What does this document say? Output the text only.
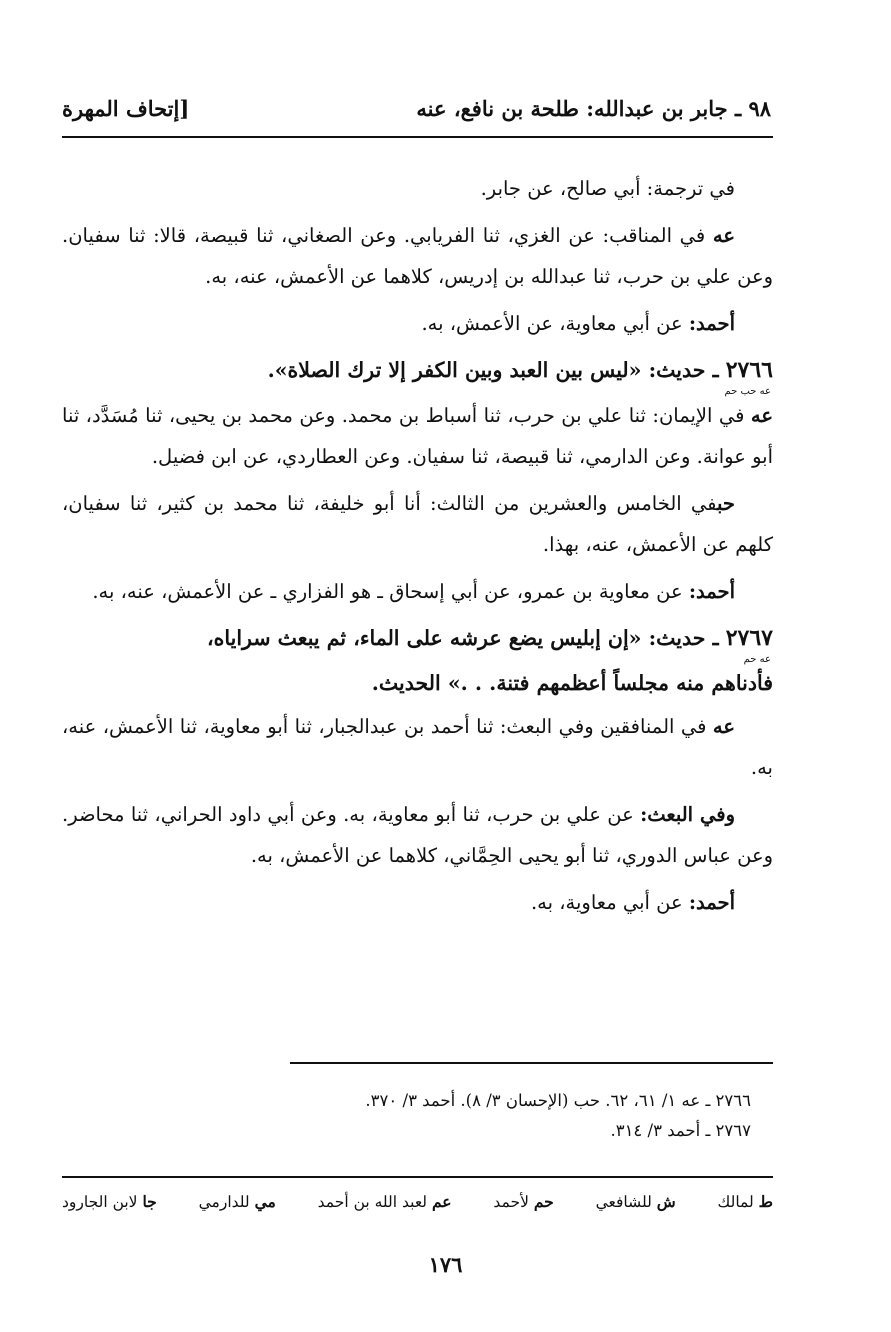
٩٨ ـ جابر بن عبدالله: طلحة بن نافع، عنه
[إتحاف المهرة

في ترجمة: أبي صالح، عن جابر.

عه في المناقب: عن الغزي، ثنا الفريابي. وعن الصغاني، ثنا قبيصة، قالا: ثنا سفيان. وعن علي بن حرب، ثنا عبدالله بن إدريس، كلاهما عن الأعمش، عنه، به.

أحمد: عن أبي معاوية، عن الأعمش، به.

٢٧٦٦ ـ حديث: «ليس بين العبد وبين الكفر إلا ترك الصلاة».

عه حب حم

عه في الإيمان: ثنا علي بن حرب، ثنا أسباط بن محمد. وعن محمد بن يحيى، ثنا مُسَدَّد، ثنا أبو عوانة. وعن الدارمي، ثنا قبيصة، ثنا سفيان. وعن العطاردي، عن ابن فضيل.

حبفي الخامس والعشرين من الثالث: أنا أبو خليفة، ثنا محمد بن كثير، ثنا سفيان، كلهم عن الأعمش، عنه، بهذا.

أحمد: عن معاوية بن عمرو، عن أبي إسحاق ـ هو الفزاري ـ عن الأعمش، عنه، به.

٢٧٦٧ ـ حديث: «إن إبليس يضع عرشه على الماء، ثم يبعث سراياه،

عه حم

فأدناهم منه مجلساً أعظمهم فتنة. . .» الحديث.

عه في المنافقين وفي البعث: ثنا أحمد بن عبدالجبار، ثنا أبو معاوية، ثنا الأعمش، عنه، به.

وفي البعث: عن علي بن حرب، ثنا أبو معاوية، به. وعن أبي داود الحراني، ثنا محاضر. وعن عباس الدوري، ثنا أبو يحيى الحِمَّاني، كلاهما عن الأعمش، به.

أحمد: عن أبي معاوية، به.

٢٧٦٦ ـ عه ١/ ٦١، ٦٢. حب (الإحسان ٣/ ٨). أحمد ٣/ ٣٧٠.
٢٧٦٧ ـ أحمد ٣/ ٣١٤.
ط لمالك
ش للشافعي
حم لأحمد
عم لعبد الله بن أحمد
مي للدارمي
جا لابن الجارود
١٧٦
